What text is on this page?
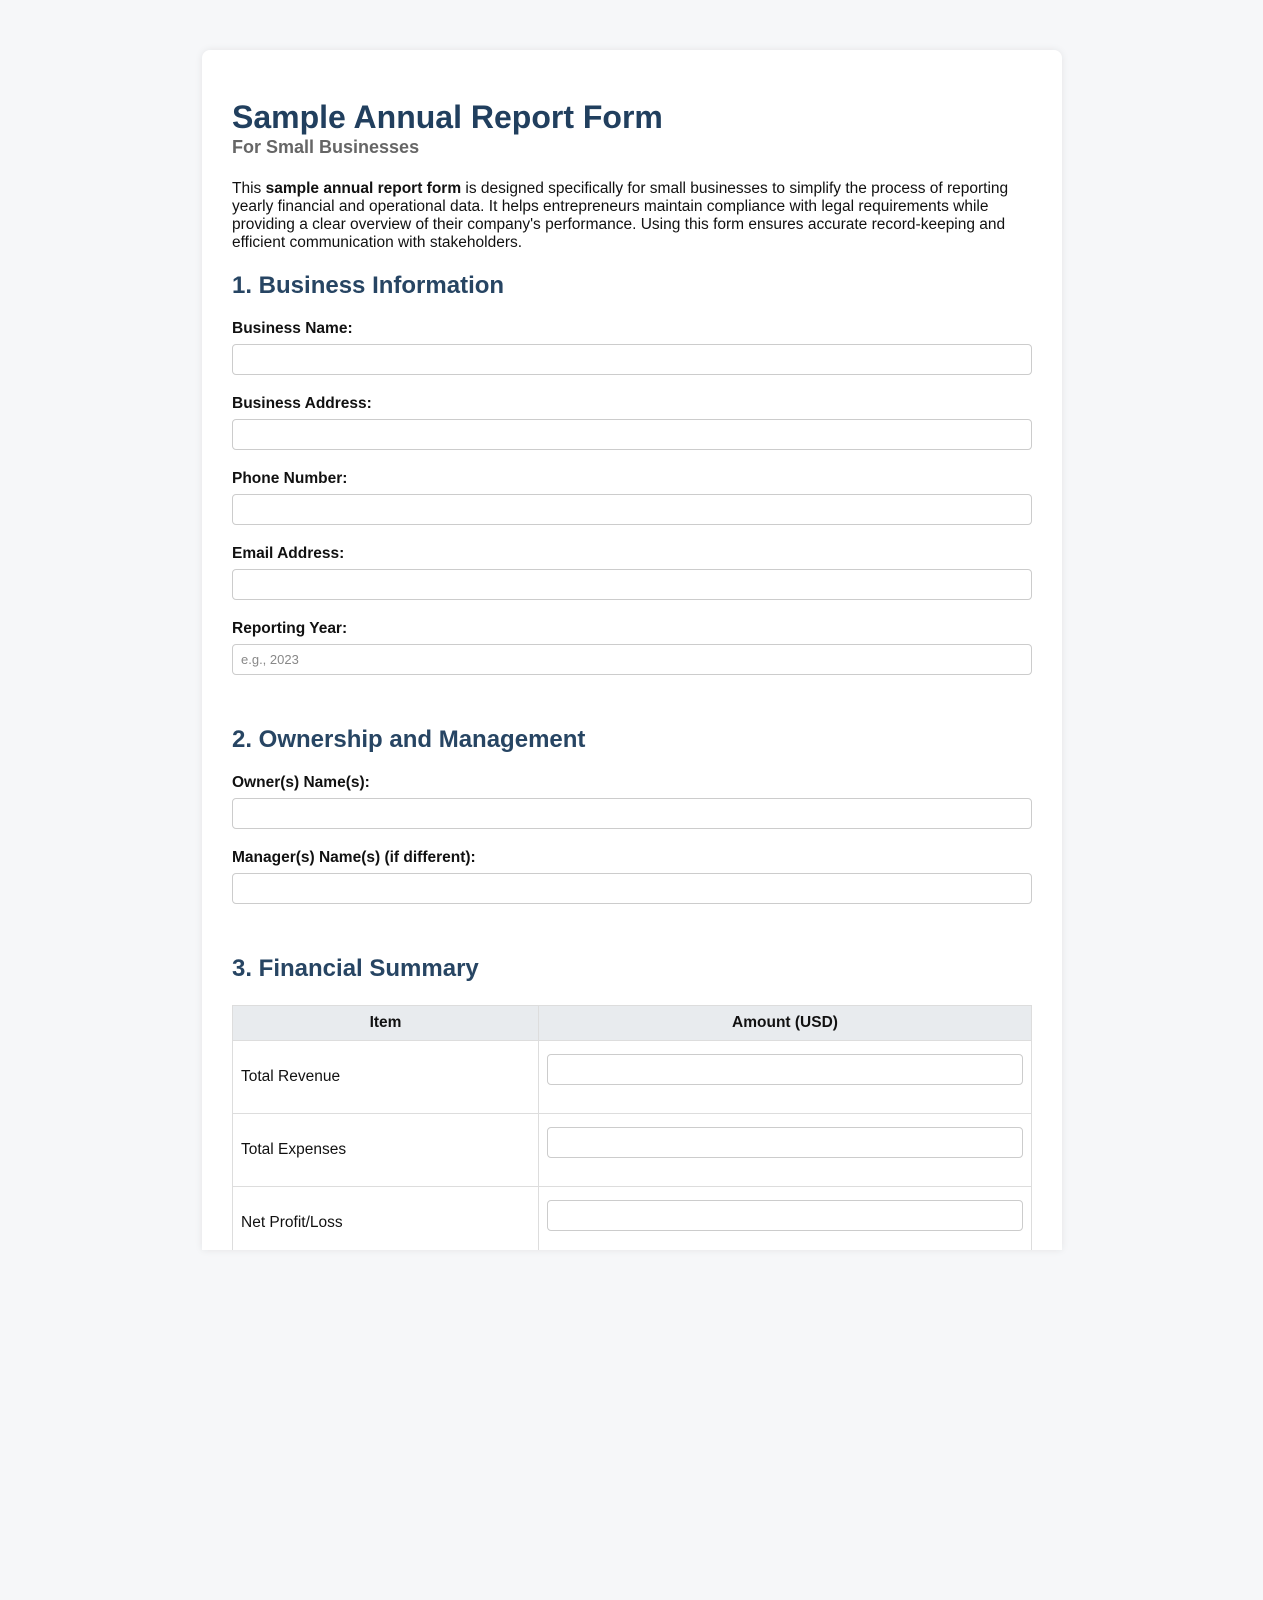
Sample Annual Report Form

For Small Businesses

This sample annual report form is designed specifically for small businesses to simplify the process of reporting yearly financial and operational data. It helps entrepreneurs maintain compliance with legal requirements while providing a clear overview of their company's performance. Using this form ensures accurate record-keeping and efficient communication with stakeholders.

1. Business Information
Business Name:
Business Address:
Phone Number:
Email Address:
Reporting Year:
e.g., 2023
2. Ownership and Management
Owner(s) Name(s):
Manager(s) Name(s) (if different):
3. Financial Summary
Item	Amount (USD)
Total Revenue	

Total Expenses	

Net Profit/Loss	
